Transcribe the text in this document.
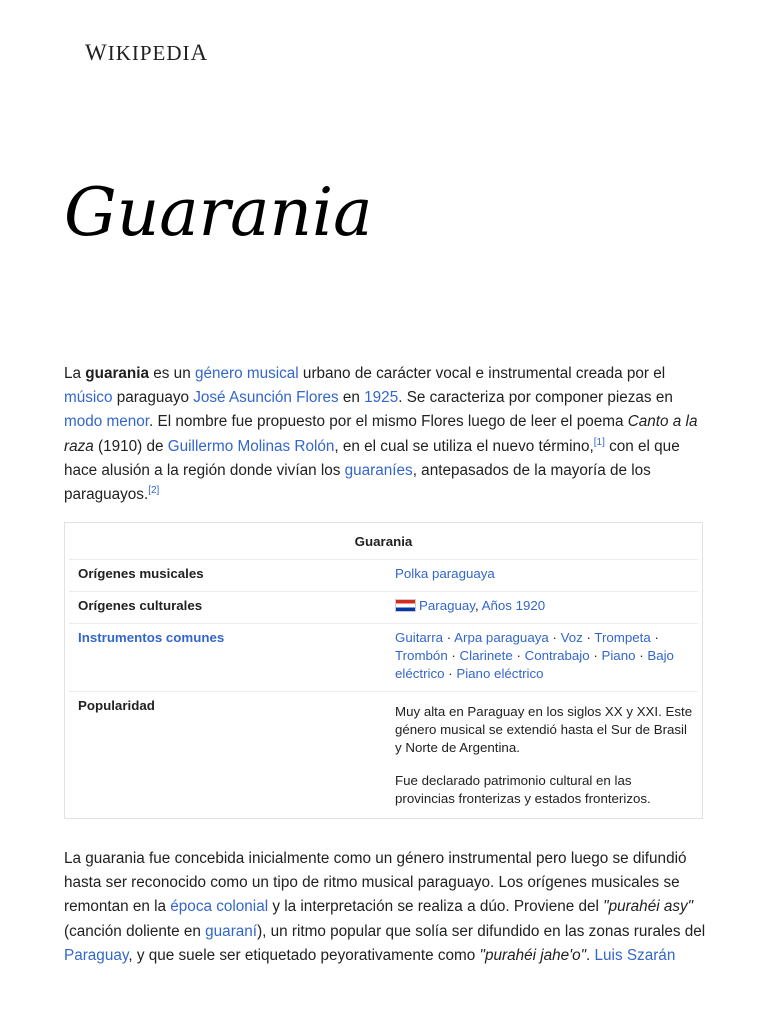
WIKIPEDIA
Guarania

La guarania es un género musical urbano de carácter vocal e instrumental creada por el músico paraguayo José Asunción Flores en 1925. Se caracteriza por componer piezas en modo menor. El nombre fue propuesto por el mismo Flores luego de leer el poema Canto a la raza (1910) de Guillermo Molinas Rolón, en el cual se utiliza el nuevo término,[1] con el que hace alusión a la región donde vivían los guaraníes, antepasados de la mayoría de los paraguayos.[2]

Guarania
Orígenes musicales	Polka paraguaya
Orígenes culturales	Paraguay, Años 1920
Instrumentos comunes	Guitarra · Arpa paraguaya · Voz · Trompeta · Trombón · Clarinete · Contrabajo · Piano · Bajo eléctrico · Piano eléctrico
Popularidad	Muy alta en Paraguay en los siglos XX y XXI. Este género musical se extendió hasta el Sur de Brasil y Norte de Argentina.

Fue declarado patrimonio cultural en las provincias fronterizas y estados fronterizos.

La guarania fue concebida inicialmente como un género instrumental pero luego se difundió hasta ser reconocido como un tipo de ritmo musical paraguayo. Los orígenes musicales se remontan en la época colonial y la interpretación se realiza a dúo. Proviene del "purahéi asy" (canción doliente en guaraní), un ritmo popular que solía ser difundido en las zonas rurales del Paraguay, y que suele ser etiquetado peyorativamente como "purahéi jahe'o". Luis Szarán
